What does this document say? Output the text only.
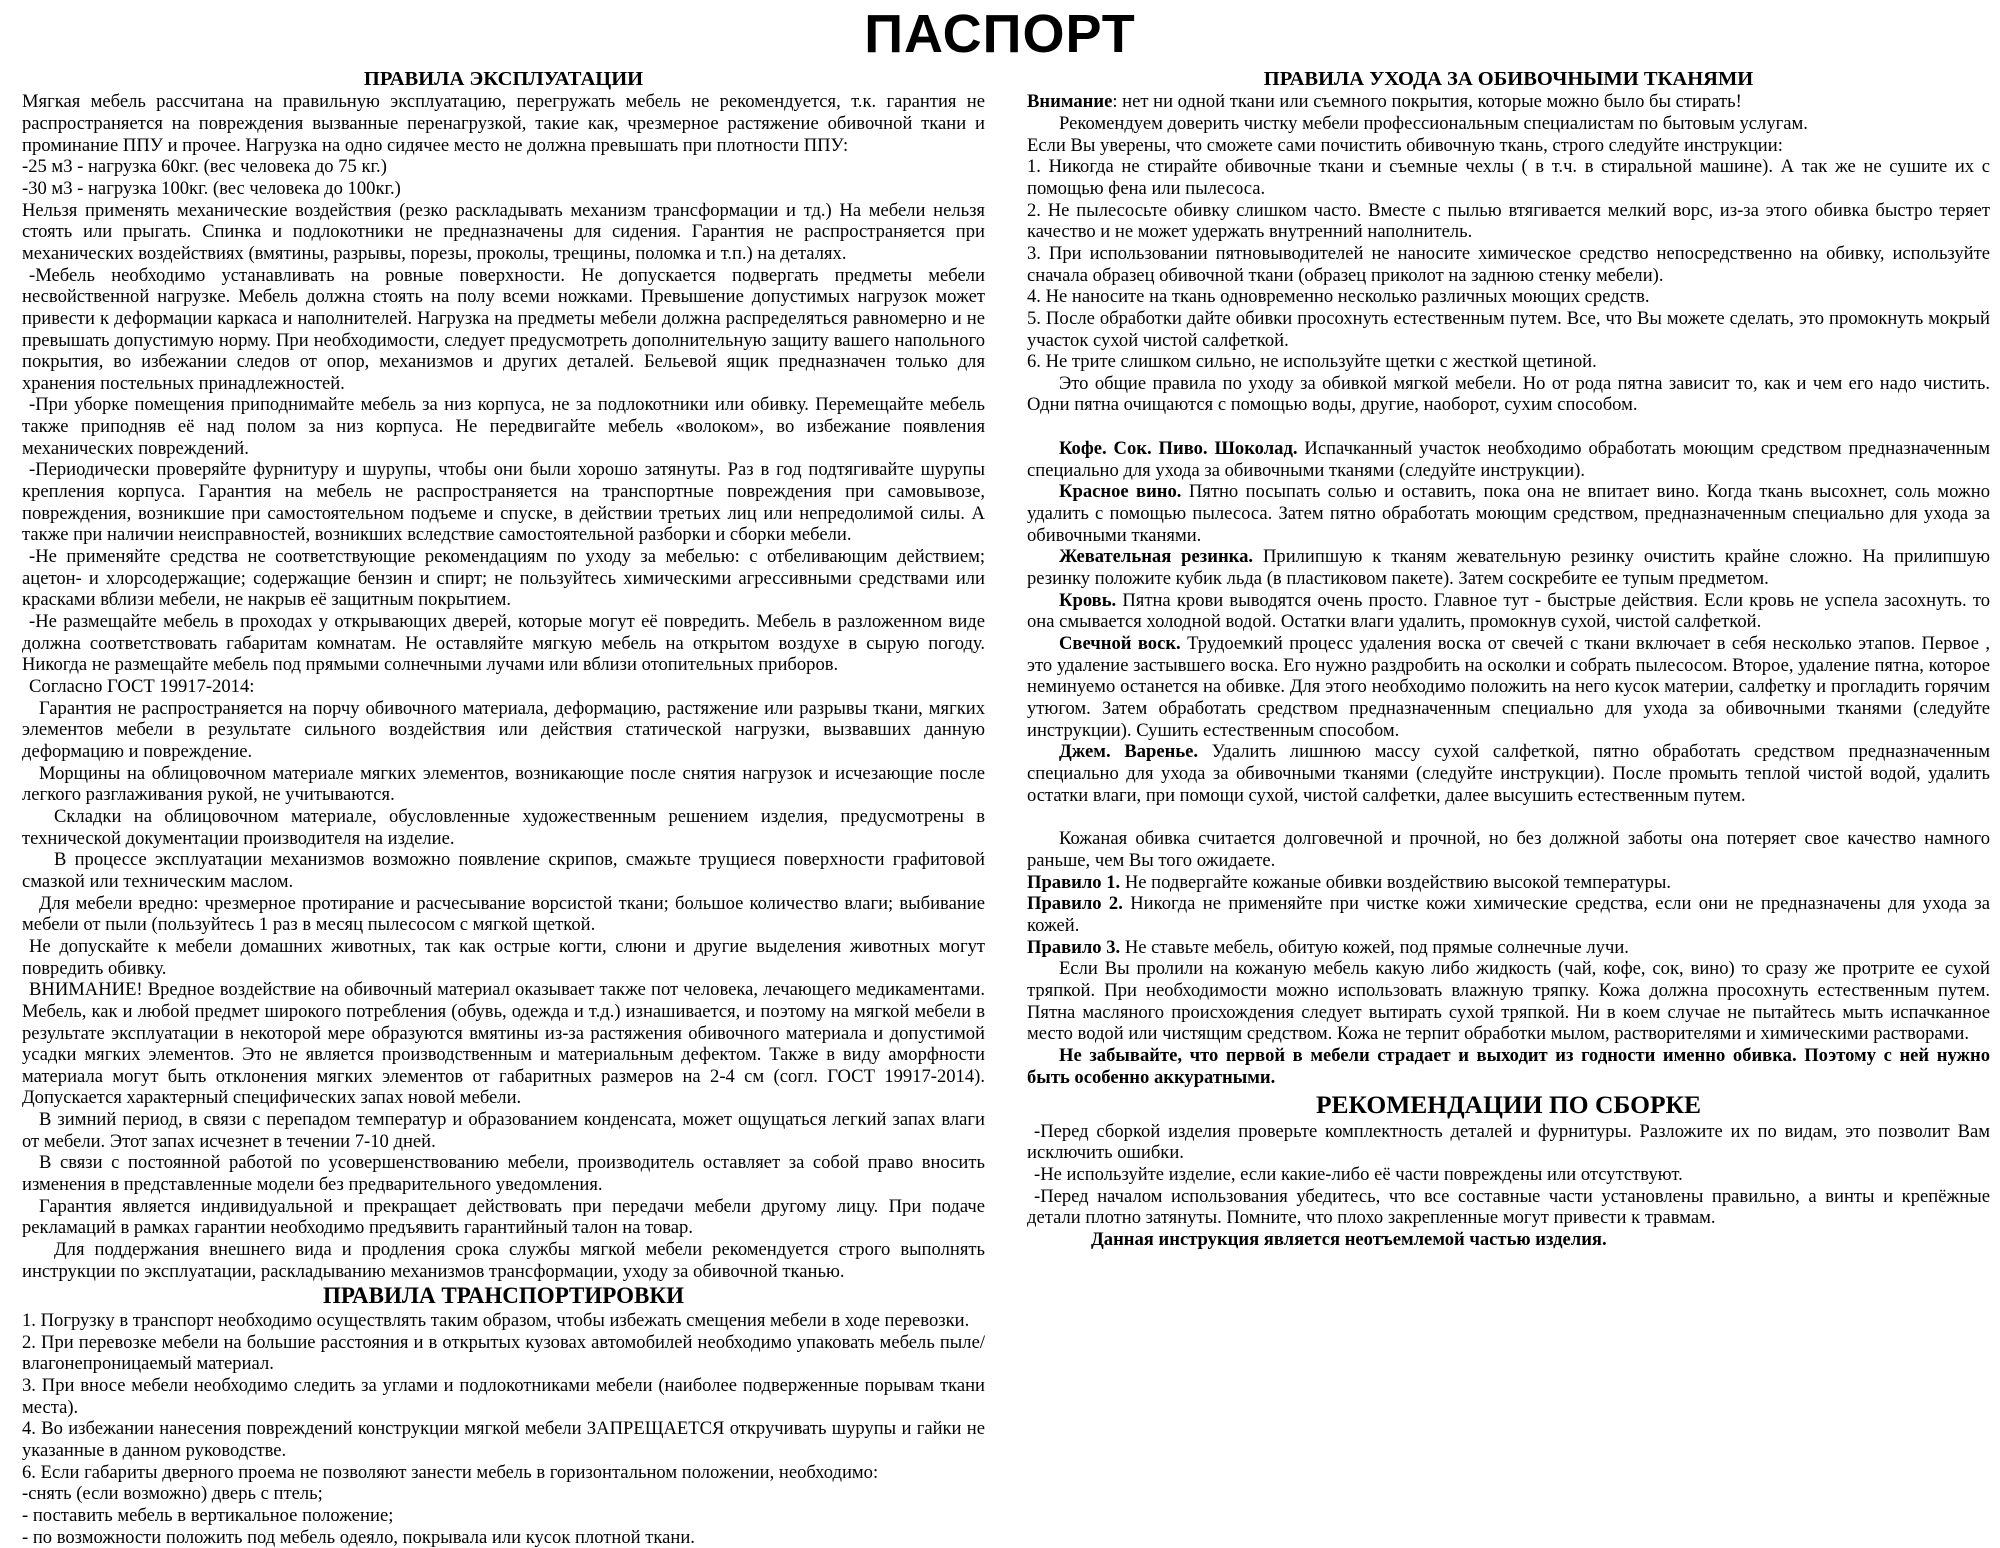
ПАСПОРТ
ПРАВИЛА ЭКСПЛУАТАЦИИ

Мягкая мебель рассчитана на правильную эксплуатацию, перегружать мебель не рекомендуется, т.к. гарантия не распространяется на повреждения вызванные перенагрузкой, такие как, чрезмерное растяжение обивочной ткани и проминание ППУ и прочее. Нагрузка на одно сидячее место не должна превышать при плотности ППУ:

-25 м3 - нагрузка 60кг. (вес человека до 75 кг.)

-30 м3 - нагрузка 100кг. (вес человека до 100кг.)

Нельзя применять механические воздействия (резко раскладывать механизм трансформации и тд.) На мебели нельзя стоять или прыгать. Спинка и подлокотники не предназначены для сидения. Гарантия не распространяется при механических воздействиях (вмятины, разрывы, порезы, проколы, трещины, поломка и т.п.) на деталях.

-Мебель необходимо устанавливать на ровные поверхности. Не допускается подвергать предметы мебели несвойственной нагрузке. Мебель должна стоять на полу всеми ножками. Превышение допустимых нагрузок может привести к деформации каркаса и наполнителей. Нагрузка на предметы мебели должна распределяться равномерно и не превышать допустимую норму. При необходимости, следует предусмотреть дополнительную защиту вашего напольного покрытия, во избежании следов от опор, механизмов и других деталей. Бельевой ящик предназначен только для хранения постельных принадлежностей.

-При уборке помещения приподнимайте мебель за низ корпуса, не за подлокотники или обивку. Перемещайте мебель также приподняв её над полом за низ корпуса. Не передвигайте мебель «волоком», во избежание появления механических повреждений.

-Периодически проверяйте фурнитуру и шурупы, чтобы они были хорошо затянуты. Раз в год подтягивайте шурупы крепления корпуса. Гарантия на мебель не распространяется на транспортные повреждения при самовывозе, повреждения, возникшие при самостоятельном подъеме и спуске, в действии третьих лиц или непредолимой силы. А также при наличии неисправностей, возникших вследствие самостоятельной разборки и сборки мебели.

-Не применяйте средства не соответствующие рекомендациям по уходу за мебелью: с отбеливающим действием; ацетон- и хлорсодержащие; содержащие бензин и спирт; не пользуйтесь химическими агрессивными средствами или красками вблизи мебели, не накрыв её защитным покрытием.

-Не размещайте мебель в проходах у открывающих дверей, которые могут её повредить. Мебель в разложенном виде должна соответствовать габаритам комнатам. Не оставляйте мягкую мебель на открытом воздухе в сырую погоду. Никогда не размещайте мебель под прямыми солнечными лучами или вблизи отопительных приборов.

Согласно ГОСТ 19917-2014:

Гарантия не распространяется на порчу обивочного материала, деформацию, растяжение или разрывы ткани, мягких элементов мебели в результате сильного воздействия или действия статической нагрузки, вызвавших данную деформацию и повреждение.

Морщины на облицовочном материале мягких элементов, возникающие после снятия нагрузок и исчезающие после легкого разглаживания рукой, не учитываются.

Складки на облицовочном материале, обусловленные художественным решением изделия, предусмотрены в технической документации производителя на изделие.

В процессе эксплуатации механизмов возможно появление скрипов, смажьте трущиеся поверхности графитовой смазкой или техническим маслом.

Для мебели вредно: чрезмерное протирание и расчесывание ворсистой ткани; большое количество влаги; выбивание мебели от пыли (пользуйтесь 1 раз в месяц пылесосом с мягкой щеткой.

Не допускайте к мебели домашних животных, так как острые когти, слюни и другие выделения животных могут повредить обивку.

ВНИМАНИЕ! Вредное воздействие на обивочный материал оказывает также пот человека, лечающего медикаментами. Мебель, как и любой предмет широкого потребления (обувь, одежда и т.д.) изнашивается, и поэтому на мягкой мебели в результате эксплуатации в некоторой мере образуются вмятины из-за растяжения обивочного материала и допустимой усадки мягких элементов. Это не является производственным и материальным дефектом. Также в виду аморфности материала могут быть отклонения мягких элементов от габаритных размеров на 2-4 см (согл. ГОСТ 19917-2014). Допускается характерный специфических запах новой мебели.

В зимний период, в связи с перепадом температур и образованием конденсата, может ощущаться легкий запах влаги от мебели. Этот запах исчезнет в течении 7-10 дней.

В связи с постоянной работой по усовершенствованию мебели, производитель оставляет за собой право вносить изменения в представленные модели без предварительного уведомления.

Гарантия является индивидуальной и прекращает действовать при передачи мебели другому лицу. При подаче рекламаций в рамках гарантии необходимо предъявить гарантийный талон на товар.

Для поддержания внешнего вида и продления срока службы мягкой мебели рекомендуется строго выполнять инструкции по эксплуатации, раскладыванию механизмов трансформации, уходу за обивочной тканью.

ПРАВИЛА ТРАНСПОРТИРОВКИ

1. Погрузку в транспорт необходимо осуществлять таким образом, чтобы избежать смещения мебели в ходе перевозки.

2. При перевозке мебели на большие расстояния и в открытых кузовах автомобилей необходимо упаковать мебель пыле/влагонепроницаемый материал.

3. При вносе мебели необходимо следить за углами и подлокотниками мебели (наиболее подверженные порывам ткани места).

4. Во избежании нанесения повреждений конструкции мягкой мебели ЗАПРЕЩАЕТСЯ откручивать шурупы и гайки не указанные в данном руководстве.

6. Если габариты дверного проема не позволяют занести мебель в горизонтальном положении, необходимо:

-снять (если возможно) дверь с птель;

- поставить мебель в вертикальное положение;

- по возможности положить под мебель одеяло, покрывала или кусок плотной ткани.

ПРАВИЛА УХОДА ЗА ОБИВОЧНЫМИ ТКАНЯМИ

Внимание: нет ни одной ткани или съемного покрытия, которые можно было бы стирать!

Рекомендуем доверить чистку мебели профессиональным специалистам по бытовым услугам.

Если Вы уверены, что сможете сами почистить обивочную ткань, строго следуйте инструкции:

1. Никогда не стирайте обивочные ткани и съемные чехлы ( в т.ч. в стиральной машине). А так же не сушите их с помощью фена или пылесоса.

2. Не пылесосьте обивку слишком часто. Вместе с пылью втягивается мелкий ворс, из-за этого обивка быстро теряет качество и не может удержать внутренний наполнитель.

3. При использовании пятновыводителей не наносите химическое средство непосредственно на обивку, используйте сначала образец обивочной ткани (образец приколот на заднюю стенку мебели).

4. Не наносите на ткань одновременно несколько различных моющих средств.

5. После обработки дайте обивки просохнуть естественным путем. Все, что Вы можете сделать, это промокнуть мокрый участок сухой чистой салфеткой.

6. Не трите слишком сильно, не используйте щетки с жесткой щетиной.

Это общие правила по уходу за обивкой мягкой мебели. Но от рода пятна зависит то, как и чем его надо чистить. Одни пятна очищаются с помощью воды, другие, наоборот, сухим способом.

Кофе. Сок. Пиво. Шоколад. Испачканный участок необходимо обработать моющим средством предназначенным специально для ухода за обивочными тканями (следуйте инструкции).

Красное вино. Пятно посыпать солью и оставить, пока она не впитает вино. Когда ткань высохнет, соль можно удалить с помощью пылесоса. Затем пятно обработать моющим средством, предназначенным специально для ухода за обивочными тканями.

Жевательная резинка. Прилипшую к тканям жевательную резинку очистить крайне сложно. На прилипшую резинку положите кубик льда (в пластиковом пакете). Затем соскребите ее тупым предметом.

Кровь. Пятна крови выводятся очень просто. Главное тут - быстрые действия. Если кровь не успела засохнуть. то она смывается холодной водой. Остатки влаги удалить, промокнув сухой, чистой салфеткой.

Свечной воск. Трудоемкий процесс удаления воска от свечей с ткани включает в себя несколько этапов. Первое , это удаление застывшего воска. Его нужно раздробить на осколки и собрать пылесосом. Второе, удаление пятна, которое неминуемо останется на обивке. Для этого необходимо положить на него кусок материи, салфетку и прогладить горячим утюгом. Затем обработать средством предназначенным специально для ухода за обивочными тканями (следуйте инструкции). Сушить естественным способом.

Джем. Варенье. Удалить лишнюю массу сухой салфеткой, пятно обработать средством предназначенным специально для ухода за обивочными тканями (следуйте инструкции). После промыть теплой чистой водой, удалить остатки влаги, при помощи сухой, чистой салфетки, далее высушить естественным путем.

Кожаная обивка считается долговечной и прочной, но без должной заботы она потеряет свое качество намного раньше, чем Вы того ожидаете.

Правило 1. Не подвергайте кожаные обивки воздействию высокой температуры.

Правило 2. Никогда не применяйте при чистке кожи химические средства, если они не предназначены для ухода за кожей.

Правило 3. Не ставьте мебель, обитую кожей, под прямые солнечные лучи.

Если Вы пролили на кожаную мебель какую либо жидкость (чай, кофе, сок, вино) то сразу же протрите ее сухой тряпкой. При необходимости можно использовать влажную тряпку. Кожа должна просохнуть естественным путем. Пятна масляного происхождения следует вытирать сухой тряпкой. Ни в коем случае не пытайтесь мыть испачканное место водой или чистящим средством. Кожа не терпит обработки мылом, растворителями и химическими растворами.

Не забывайте, что первой в мебели страдает и выходит из годности именно обивка. Поэтому с ней нужно быть особенно аккуратными.

РЕКОМЕНДАЦИИ ПО СБОРКЕ

-Перед сборкой изделия проверьте комплектность деталей и фурнитуры. Разложите их по видам, это позволит Вам исключить ошибки.

-Не используйте изделие, если какие-либо её части повреждены или отсутствуют.

-Перед началом использования убедитесь, что все составные части установлены правильно, а винты и крепёжные детали плотно затянуты. Помните, что плохо закрепленные могут привести к травмам.

Данная инструкция является неотъемлемой частью изделия.
